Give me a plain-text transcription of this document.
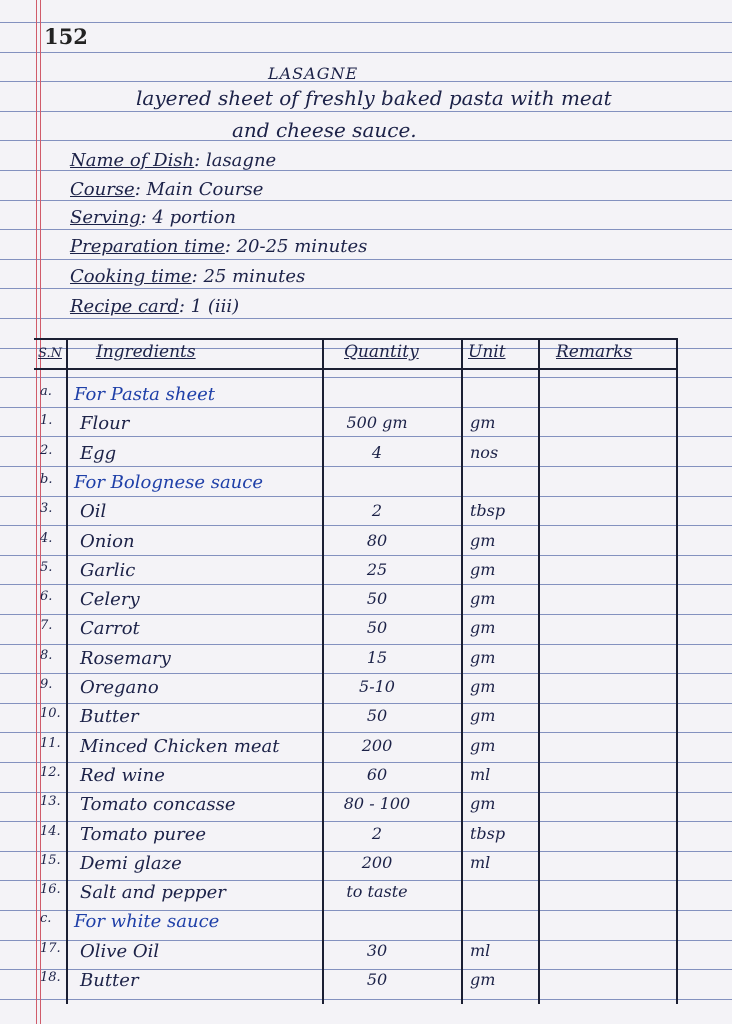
152
LASAGNE
layered sheet of freshly baked pasta with meat
and cheese sauce.
Name of Dish: lasagne
Course: Main Course
Serving: 4 portion
Preparation time: 20-25 minutes
Cooking time: 25 minutes
Recipe card: 1 (iii)
S.N Ingredients	Quantity	Unit	Remarks
a. For Pasta sheet
1. Flour	500 gm	gm
2. Egg	4	nos
b. For Bolognese sauce
3. Oil	2	tbsp
4. Onion	80	gm
5. Garlic	25	gm
6. Celery	50	gm
7. Carrot	50	gm
8. Rosemary	15	gm
9. Oregano	5-10	gm
10. Butter	50	gm
11. Minced Chicken meat	200	gm
12. Red wine	60	ml
13. Tomato concasse	80 - 100	gm
14. Tomato puree	2	tbsp
15. Demi glaze	200	ml
16. Salt and pepper	to taste
c. For white sauce
17. Olive Oil	30	ml
18. Butter	50	gm
